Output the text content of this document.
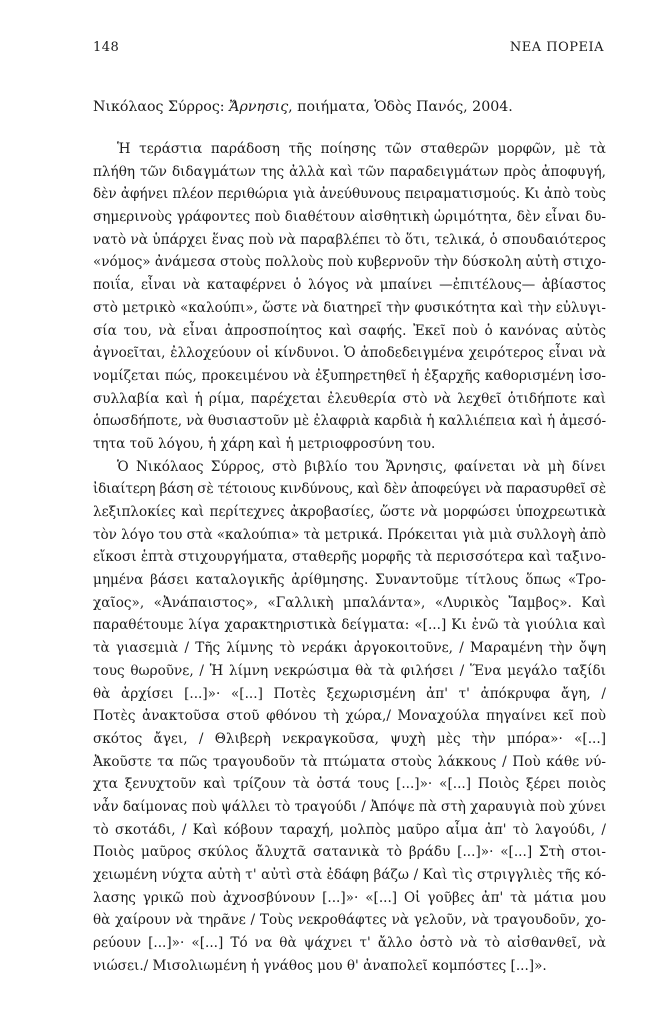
148	ΝΕΑ ΠΟΡΕΙΑ
Νικόλαος Σύρρος: Ἄρνησις, ποιήματα, Ὁδὸς Πανός, 2004.
Ἡ τεράστια παράδοση τῆς ποίησης τῶν σταθερῶν μορφῶν, μὲ τὰ
πλήθη τῶν διδαγμάτων της ἀλλὰ καὶ τῶν παραδειγμάτων πρὸς ἀποφυγή,
δὲν ἀφήνει πλέον περιθώρια γιὰ ἀνεύθυνους πειραματισμούς. Κι ἀπὸ τοὺς
σημερινοὺς γράφοντες ποὺ διαθέτουν αἰσθητικὴ ὡριμότητα, δὲν εἶναι δυ-
νατὸ νὰ ὑπάρχει ἕνας ποὺ νὰ παραβλέπει τὸ ὅτι, τελικά, ὁ σπουδαιότερος
«νόμος» ἀνάμεσα στοὺς πολλοὺς ποὺ κυβερνοῦν τὴν δύσκολη αὐτὴ στιχο-
ποιΐα, εἶναι νὰ καταφέρνει ὁ λόγος νὰ μπαίνει —ἐπιτέλους— ἀβίαστος
στὸ μετρικὸ «καλούπι», ὥστε νὰ διατηρεῖ τὴν φυσικότητα καὶ τὴν εὐλυγι-
σία του, νὰ εἶναι ἀπροσποίητος καὶ σαφής. Ἐκεῖ ποὺ ὁ κανόνας αὐτὸς
ἀγνοεῖται, ἐλλοχεύουν οἱ κίνδυνοι. Ὁ ἀποδεδειγμένα χειρότερος εἶναι νὰ
νομίζεται πώς, προκειμένου νὰ ἐξυπηρετηθεῖ ἡ ἐξαρχῆς καθορισμένη ἰσο-
συλλαβία καὶ ἡ ρίμα, παρέχεται ἐλευθερία στὸ νὰ λεχθεῖ ὁτιδήποτε καὶ
ὁπωσδήποτε, νὰ θυσιαστοῦν μὲ ἐλαφριὰ καρδιὰ ἡ καλλιέπεια καὶ ἡ ἀμεσό-
τητα τοῦ λόγου, ἡ χάρη καὶ ἡ μετριοφροσύνη του.
Ὁ Νικόλαος Σύρρος, στὸ βιβλίο του Ἄρνησις, φαίνεται νὰ μὴ δίνει
ἰδιαίτερη βάση σὲ τέτοιους κινδύνους, καὶ δὲν ἀποφεύγει νὰ παρασυρθεῖ σὲ
λεξιπλοκίες καὶ περίτεχνες ἀκροβασίες, ὥστε νὰ μορφώσει ὑποχρεωτικὰ
τὸν λόγο του στὰ «καλούπια» τὰ μετρικά. Πρόκειται γιὰ μιὰ συλλογὴ ἀπὸ
εἴκοσι ἑπτὰ στιχουργήματα, σταθερῆς μορφῆς τὰ περισσότερα καὶ ταξινο-
μημένα βάσει καταλογικῆς ἀρίθμησης. Συναντοῦμε τίτλους ὅπως «Τρο-
χαῖος», «Ἀνάπαιστος», «Γαλλικὴ μπαλάντα», «Λυρικὸς Ἴαμβος». Καὶ
παραθέτουμε λίγα χαρακτηριστικὰ δείγματα: «[...] Κι ἐνῶ τὰ γιούλια καὶ
τὰ γιασεμιὰ / Τῆς λίμνης τὸ νεράκι ἀργοκοιτοῦνε, / Μαραμένη τὴν ὄψη
τους θωροῦνε, / Ἡ λίμνη νεκρώσιμα θὰ τὰ φιλήσει / Ἕνα μεγάλο ταξίδι
θὰ ἀρχίσει [...]»· «[...] Ποτὲς ξεχωρισμένη ἀπ' τ' ἀπόκρυφα ἄγη, /
Ποτὲς ἀνακτοῦσα στοῦ φθόνου τὴ χώρα,/ Μοναχούλα πηγαίνει κεῖ ποὺ
σκότος ἄγει, / Θλιβερὴ νεκραγκοῦσα, ψυχὴ μὲς τὴν μπόρα»· «[...]
Ἀκοῦστε τα πῶς τραγουδοῦν τὰ πτώματα στοὺς λάκκους / Ποὺ κάθε νύ-
χτα ξενυχτοῦν καὶ τρίζουν τὰ ὀστά τους [...]»· «[...] Ποιὸς ξέρει ποιὸς
νἆν δαίμονας ποὺ ψάλλει τὸ τραγούδι / Ἀπόψε πὰ στὴ χαραυγιὰ ποὺ χύνει
τὸ σκοτάδι, / Καὶ κόβουν ταραχή, μολπὸς μαῦρο αἷμα ἀπ' τὸ λαγούδι, /
Ποιὸς μαῦρος σκύλος ἄλυχτᾶ σατανικὰ τὸ βράδυ [...]»· «[...] Στὴ στοι-
χειωμένη νύχτα αὐτὴ τ' αὐτὶ στὰ ἐδάφη βάζω / Καὶ τὶς στριγγλιὲς τῆς κό-
λασης γρικῶ ποὺ ἀχνοσβύνουν [...]»· «[...] Οἱ γοῦβες ἀπ' τὰ μάτια μου
θὰ χαίρουν νὰ τηρᾶνε / Τοὺς νεκροθάφτες νὰ γελοῦν, νὰ τραγουδοῦν, χο-
ρεύουν [...]»· «[...] Τό να θὰ ψάχνει τ' ἄλλο ὀστὸ νὰ τὸ αἰσθανθεῖ, νὰ
νιώσει./ Μισολιωμένη ἡ γνάθος μου θ' ἀναπολεῖ κομπόστες [...]».
